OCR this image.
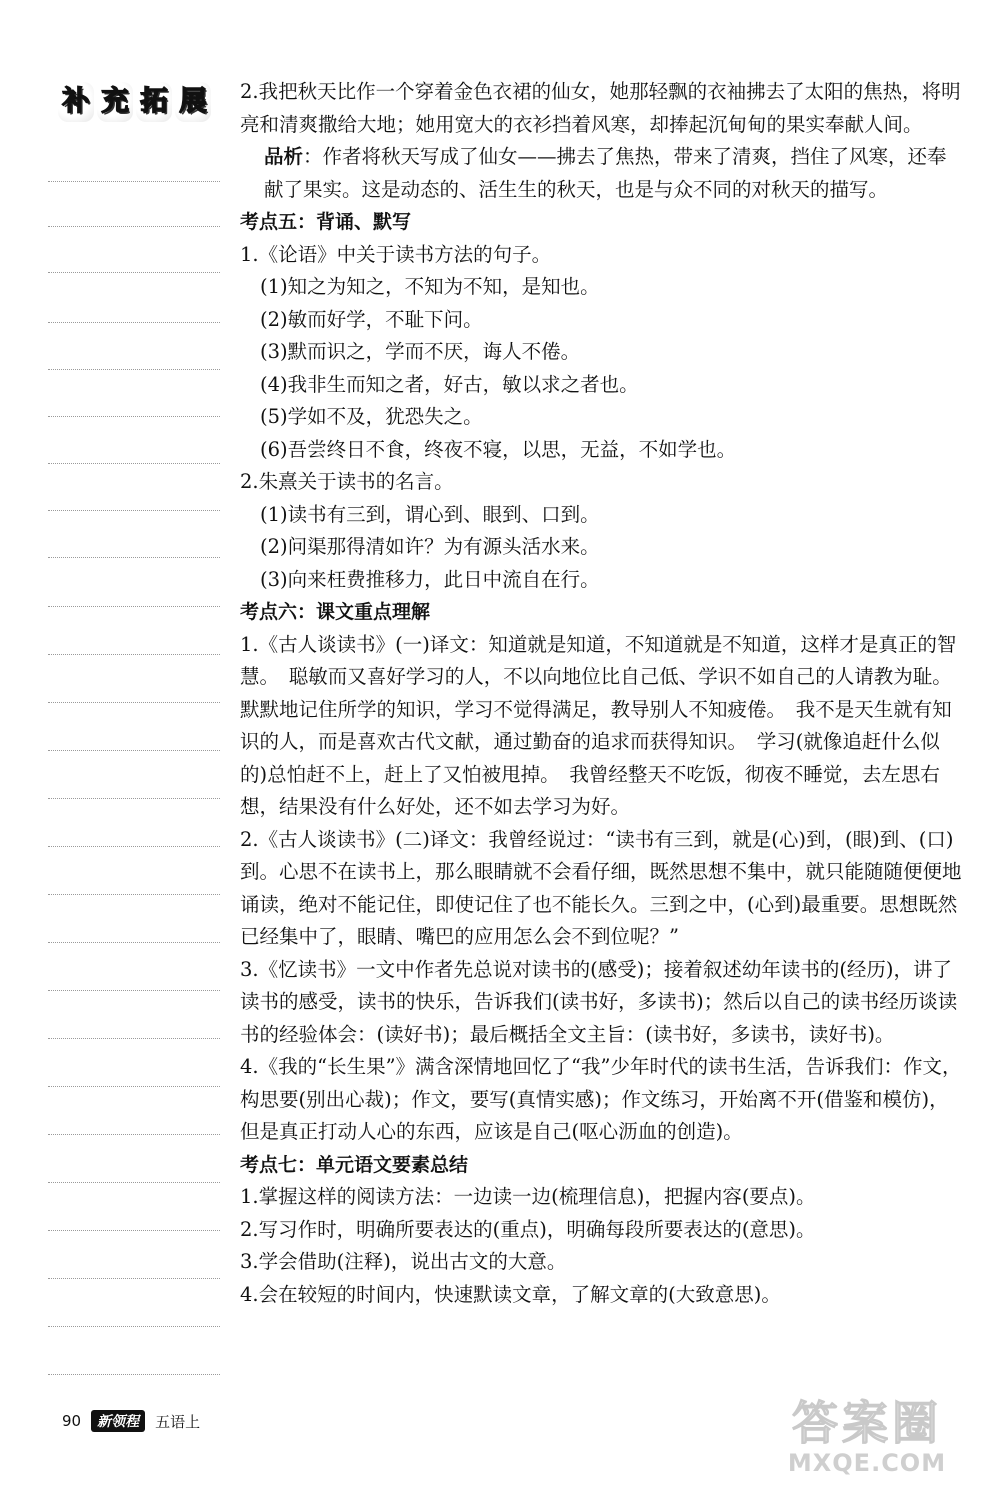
补 充 拓 展 2.我把秋天比作一个穿着金色衣裙的仙女，她那轻飘的衣袖拂去了太阳的焦热，将明亮和清爽撒给大地；她用宽大的衣衫挡着风寒，却捧起沉甸甸的果实奉献人间。

品析：作者将秋天写成了仙女——拂去了焦热，带来了清爽，挡住了风寒，还奉献了果实。这是动态的、活生生的秋天，也是与众不同的对秋天的描写。

考点五：背诵、默写

1.《论语》中关于读书方法的句子。

(1)知之为知之，不知为不知，是知也。

(2)敏而好学，不耻下问。

(3)默而识之，学而不厌，诲人不倦。

(4)我非生而知之者，好古，敏以求之者也。

(5)学如不及，犹恐失之。

(6)吾尝终日不食，终夜不寝，以思，无益，不如学也。

2.朱熹关于读书的名言。

(1)读书有三到，谓心到、眼到、口到。

(2)问渠那得清如许？为有源头活水来。

(3)向来枉费推移力，此日中流自在行。

考点六：课文重点理解

1.《古人谈读书》(一)译文：知道就是知道，不知道就是不知道，这样才是真正的智慧。　聪敏而又喜好学习的人，不以向地位比自己低、学识不如自己的人请教为耻。　默默地记住所学的知识，学习不觉得满足，教导别人不知疲倦。　我不是天生就有知识的人，而是喜欢古代文献，通过勤奋的追求而获得知识。　学习(就像追赶什么似的)总怕赶不上，赶上了又怕被甩掉。　我曾经整天不吃饭，彻夜不睡觉，去左思右想，结果没有什么好处，还不如去学习为好。

2.《古人谈读书》(二)译文：我曾经说过：“读书有三到，就是(心)到，(眼)到、(口)到。心思不在读书上，那么眼睛就不会看仔细，既然思想不集中，就只能随随便便地诵读，绝对不能记住，即使记住了也不能长久。三到之中，(心到)最重要。思想既然已经集中了，眼睛、嘴巴的应用怎么会不到位呢？”

3.《忆读书》一文中作者先总说对读书的(感受)；接着叙述幼年读书的(经历)，讲了读书的感受，读书的快乐，告诉我们(读书好，多读书)；然后以自己的读书经历谈读书的经验体会：(读好书)；最后概括全文主旨：(读书好，多读书，读好书)。

4.《我的“长生果”》满含深情地回忆了“我”少年时代的读书生活，告诉我们：作文，构思要(别出心裁)；作文，要写(真情实感)；作文练习，开始离不开(借鉴和模仿)，但是真正打动人心的东西，应该是自己(呕心沥血的创造)。

考点七：单元语文要素总结

1.掌握这样的阅读方法：一边读一边(梳理信息)，把握内容(要点)。

2.写习作时，明确所要表达的(重点)，明确每段所要表达的(意思)。

3.学会借助(注释)，说出古文的大意。

4.会在较短的时间内，快速默读文章，了解文章的(大致意思)。

90	新领程	五语上	答案圈
MXQE.COM
